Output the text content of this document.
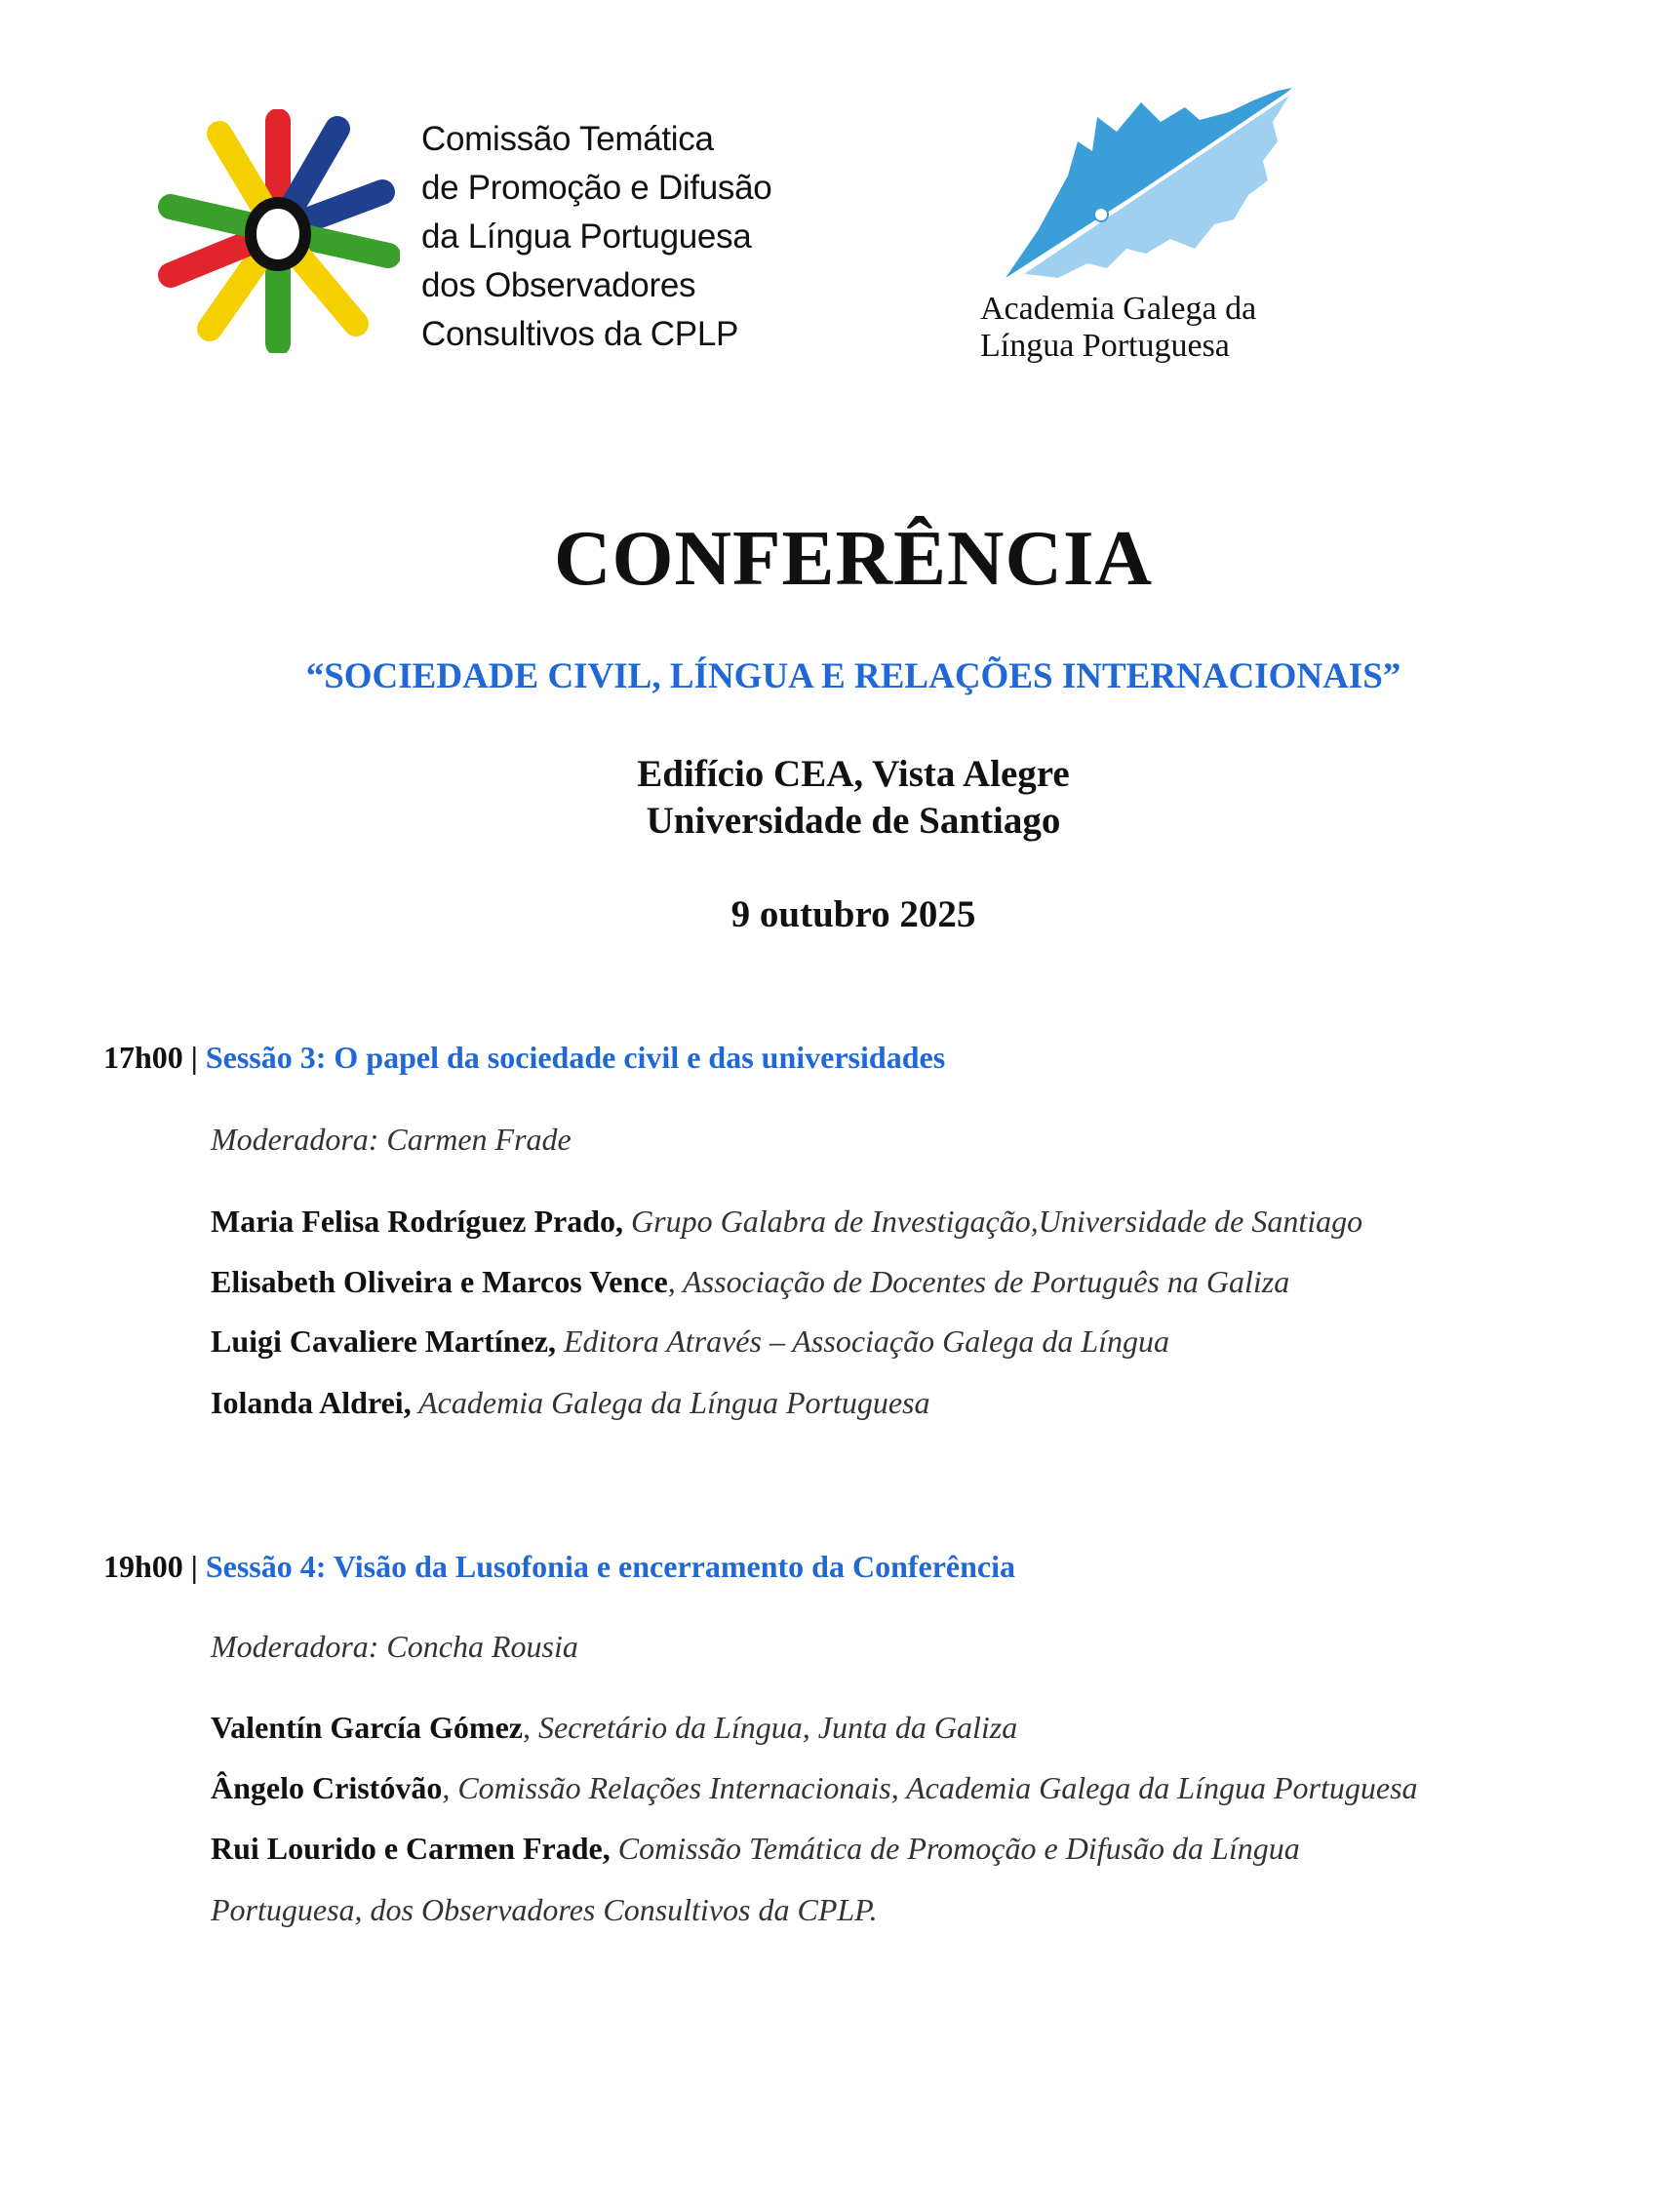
Comissão Temática
de Promoção e Difusão
da Língua Portuguesa
dos Observadores
Consultivos da CPLP
Academia Galega da
Língua Portuguesa
CONFERÊNCIA
“SOCIEDADE CIVIL, LÍNGUA E RELAÇÕES INTERNACIONAIS”
Edifício CEA, Vista Alegre
Universidade de Santiago
9 outubro 2025
17h00 | Sessão 3: O papel da sociedade civil e das universidades
Moderadora: Carmen Frade
Maria Felisa Rodríguez Prado, Grupo Galabra de Investigação,Universidade de Santiago
Elisabeth Oliveira e Marcos Vence, Associação de Docentes de Português na Galiza
Luigi Cavaliere Martínez, Editora Através – Associação Galega da Língua
Iolanda Aldrei, Academia Galega da Língua Portuguesa
19h00 | Sessão 4: Visão da Lusofonia e encerramento da Conferência
Moderadora: Concha Rousia
Valentín García Gómez, Secretário da Língua, Junta da Galiza
Ângelo Cristóvão, Comissão Relações Internacionais, Academia Galega da Língua Portuguesa
Rui Lourido e Carmen Frade, Comissão Temática de Promoção e Difusão da Língua
Portuguesa, dos Observadores Consultivos da CPLP.
